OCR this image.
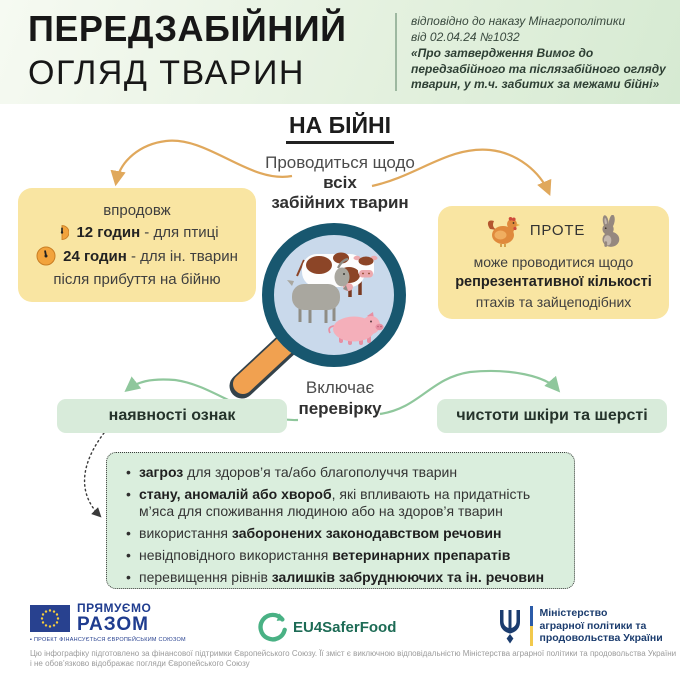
ПЕРЕДЗАБІЙНИЙ
ОГЛЯД ТВАРИН
відповідно до наказу Мінагрополітики
від 02.04.24 №1032
«Про затвердження Вимог до передзабійного та післязабійного огляду тварин, у т.ч. забитих за межами бійні»
НА БІЙНІ
Проводиться щодо
всіх
забійних тварин
впродовж
12 годин - для птиці
24 годин - для ін. тварин
після прибуття на бійню
ПРОТЕ
може проводитися щодо
репрезентативної кількості
птахів та зайцеподібних
Включає
перевірку
наявності ознак	чистоти шкіри та шерсті
• загроз для здоров’я та/або благополуччя тварин
• стану, аномалій або хвороб, які впливають на придатність м’яса для споживання людиною або на здоров’я тварин
• використання заборонених законодавством речовин
• невідповідного використання ветеринарних препаратів
• перевищення рівнів залишків забруднюючих та ін. речовин
ПРЯМУЄМО
РАЗОМ
▪ ПРОЕКТ ФІНАНСУЄТЬСЯ ЄВРОПЕЙСЬКИМ СОЮЗОМ
EU4SaferFood
Міністерство
аграрної політики та
продовольства України
Цю інфографіку підготовлено за фінансової підтримки Європейського Союзу. Її зміст є виключною відповідальністю Міністерства аграрної політики та продовольства України
і не обов’язково відображає погляди Європейського Союзу
